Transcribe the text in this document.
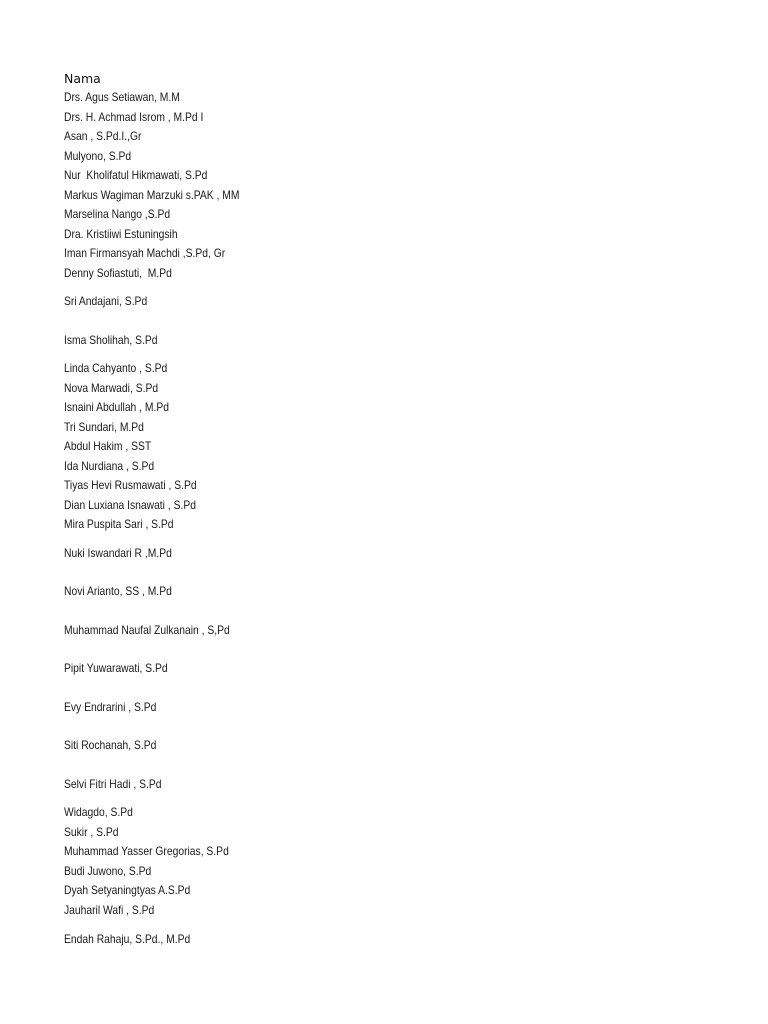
Nama
Drs. Agus Setiawan, M.M
Drs. H. Achmad Isrom , M.Pd I
Asan , S.Pd.I.,Gr
Mulyono, S.Pd
Nur  Kholifatul Hikmawati, S.Pd
Markus Wagiman Marzuki s.PAK , MM
Marselina Nango ,S.Pd
Dra. Kristiiwi Estuningsih
Iman Firmansyah Machdi ,S.Pd, Gr
Denny Sofiastuti,  M.Pd
Sri Andajani, S.Pd
Isma Sholihah, S.Pd
Linda Cahyanto , S.Pd
Nova Marwadi, S.Pd
Isnaini Abdullah , M.Pd
Tri Sundari, M.Pd
Abdul Hakim , SST
Ida Nurdiana , S.Pd
Tiyas Hevi Rusmawati , S.Pd
Dian Luxiana Isnawati , S.Pd
Mira Puspita Sari , S.Pd
Nuki Iswandari R ,M.Pd
Novi Arianto, SS , M.Pd
Muhammad Naufal Zulkanain , S,Pd
Pipit Yuwarawati, S.Pd
Evy Endrarini , S.Pd
Siti Rochanah, S.Pd
Selvi Fitri Hadi , S.Pd
Widagdo, S.Pd
Sukir , S.Pd
Muhammad Yasser Gregorias, S.Pd
Budi Juwono, S.Pd
Dyah Setyaningtyas A.S.Pd
Jauharil Wafi , S.Pd
Endah Rahaju, S.Pd., M.Pd
